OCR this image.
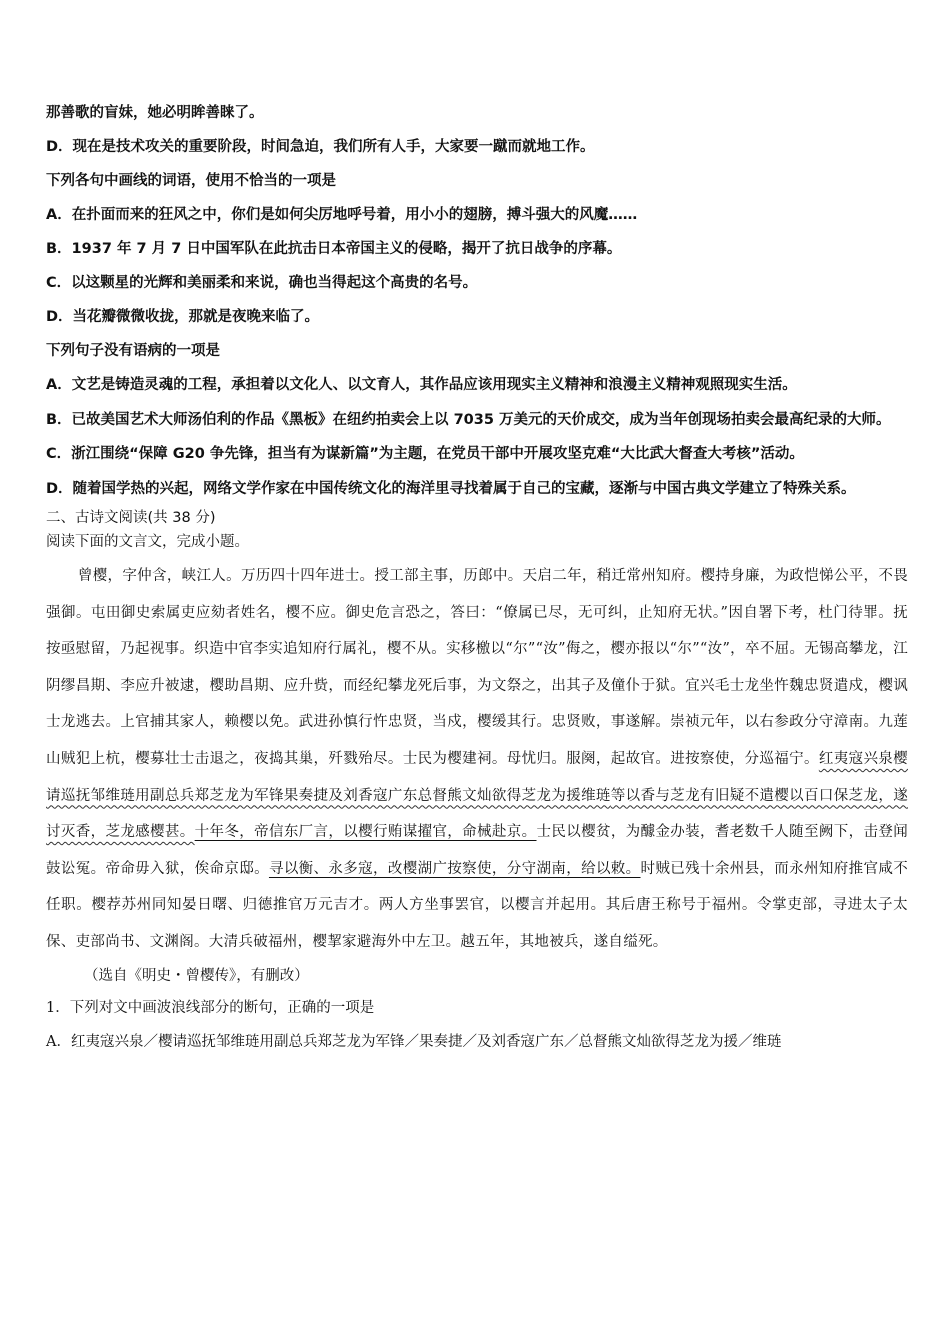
那善歌的盲妹，她必明眸善睐了。
D．现在是技术攻关的重要阶段，时间急迫，我们所有人手，大家要一蹴而就地工作。
下列各句中画线的词语，使用不恰当的一项是
A．在扑面而来的狂风之中，你们是如何尖厉地呼号着，用小小的翅膀，搏斗强大的风魔……
B．1937 年 7 月 7 日中国军队在此抗击日本帝国主义的侵略，揭开了抗日战争的序幕。
C．以这颗星的光辉和美丽柔和来说，确也当得起这个高贵的名号。
D．当花瓣微微收拢，那就是夜晚来临了。
下列句子没有语病的一项是
A．文艺是铸造灵魂的工程，承担着以文化人、以文育人，其作品应该用现实主义精神和浪漫主义精神观照现实生活。
B．已故美国艺术大师汤伯利的作品《黑板》在纽约拍卖会上以 7035 万美元的天价成交，成为当年创现场拍卖会最高纪录的大师。
C．浙江围绕“保障 G20 争先锋，担当有为谋新篇”为主题，在党员干部中开展攻坚克难“大比武大督查大考核”活动。
D．随着国学热的兴起，网络文学作家在中国传统文化的海洋里寻找着属于自己的宝藏，逐渐与中国古典文学建立了特殊关系。
二、古诗文阅读(共 38 分)
阅读下面的文言文，完成小题。
曾樱，字仲含，峡江人。万历四十四年进士。授工部主事，历郎中。天启二年，稍迁常州知府。樱持身廉，为政恺悌公平，不畏强御。屯田御史索属吏应劾者姓名，樱不应。御史危言恐之，答曰：“僚属已尽，无可纠，止知府无状。”因自署下考，杜门待罪。抚按亟慰留，乃起视事。织造中官李实追知府行属礼，樱不从。实移檄以“尔”“汝”侮之，樱亦报以“尔”“汝”，卒不屈。无锡高攀龙，江阴缪昌期、李应升被逮，樱助昌期、应升赀，而经纪攀龙死后事，为文祭之，出其子及僮仆于狱。宜兴毛士龙坐忤魏忠贤遣戍，樱讽士龙逃去。上官捕其家人，赖樱以免。武进孙慎行忤忠贤，当戍，樱缓其行。忠贤败，事遂解。崇祯元年，以右参政分守漳南。九莲山贼犯上杭，樱募壮士击退之，夜捣其巢，歼戮殆尽。士民为樱建祠。母忧归。服阕，起故官。进按察使，分巡福宁。红夷寇兴泉樱请巡抚邹维琏用副总兵郑芝龙为军锋果奏捷及刘香寇广东总督熊文灿欲得芝龙为援维琏等以香与芝龙有旧疑不遣樱以百口保芝龙，遂讨灭香，芝龙感樱甚。十年冬，帝信东厂言，以樱行贿谋擢官，命械赴京。士民以樱贫，为醵金办装，耆老数千人随至阙下，击登闻鼓讼冤。帝命毋入狱，俟命京邸。寻以衡、永多寇，改樱湖广按察使，分守湖南，给以敕。时贼已残十余州县，而永州知府推官咸不任职。樱荐苏州同知晏日曙、归德推官万元吉才。两人方坐事罢官，以樱言并起用。其后唐王称号于福州。令掌吏部，寻进太子太保、吏部尚书、文渊阁。大清兵破福州，樱挈家避海外中左卫。越五年，其地被兵，遂自缢死。
（选自《明史・曾樱传》，有删改）
1．下列对文中画波浪线部分的断句，正确的一项是
A．红夷寇兴泉／樱请巡抚邹维琏用副总兵郑芝龙为军锋／果奏捷／及刘香寇广东／总督熊文灿欲得芝龙为援／维琏
